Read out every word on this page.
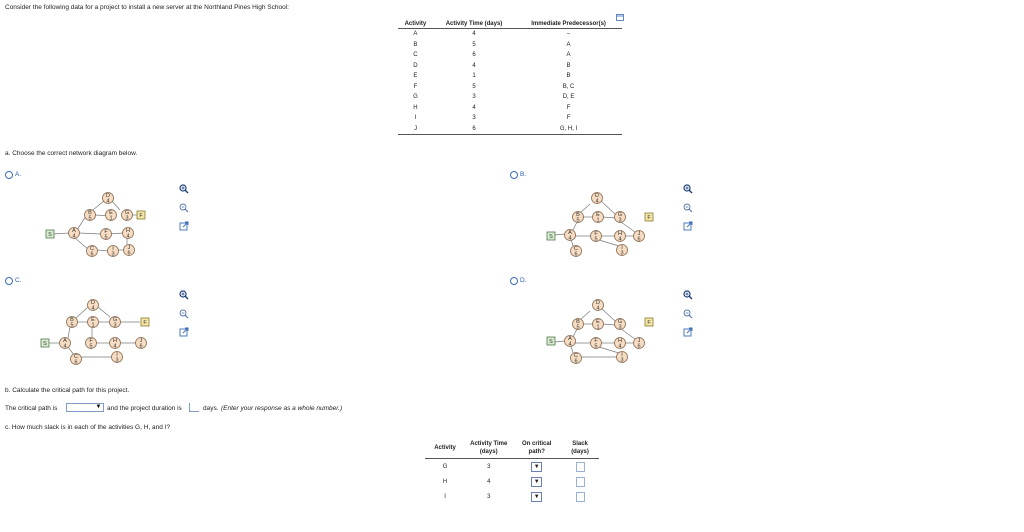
Consider the following data for a project to install a new server at the Northland Pines High School:
Activity	Activity Time (days)	Immediate Predecessor(s)
A	4	–
B	5	A
C	6	A
D	4	B
E	1	B
F	5	B, C
G	3	D, E
H	4	F
I	3	F
J	6	G, H, I
a. Choose the correct network diagram below.
A.	B.
C.	D.
S
A
4
D
4
B
5
E
1
F
5
H
4
C
6
I
3
J
6
G
3 F
S
A
4
B
5
D
4
E
1
G
3
F
5
H
4
C
6
I
3
J
6
F
S	A
4
B
5
D
4
E
1
G
3
F
5
H
4
C
6
I
3
J
6
F
S	A
4
B
5
D
4
E
1
G
3
F
5
H
4
C
6
I
3
J
6
F
b. Calculate the critical path for this project.
The critical path is	▼ and the project duration is	days. (Enter your response as a whole number.)
c. How much slack is in each of the activities G, H, and I?
Activity	Activity Time (days)	On critical path?	Slack (days)
G	3	▼	
H	4	▼	
I	3	▼	
